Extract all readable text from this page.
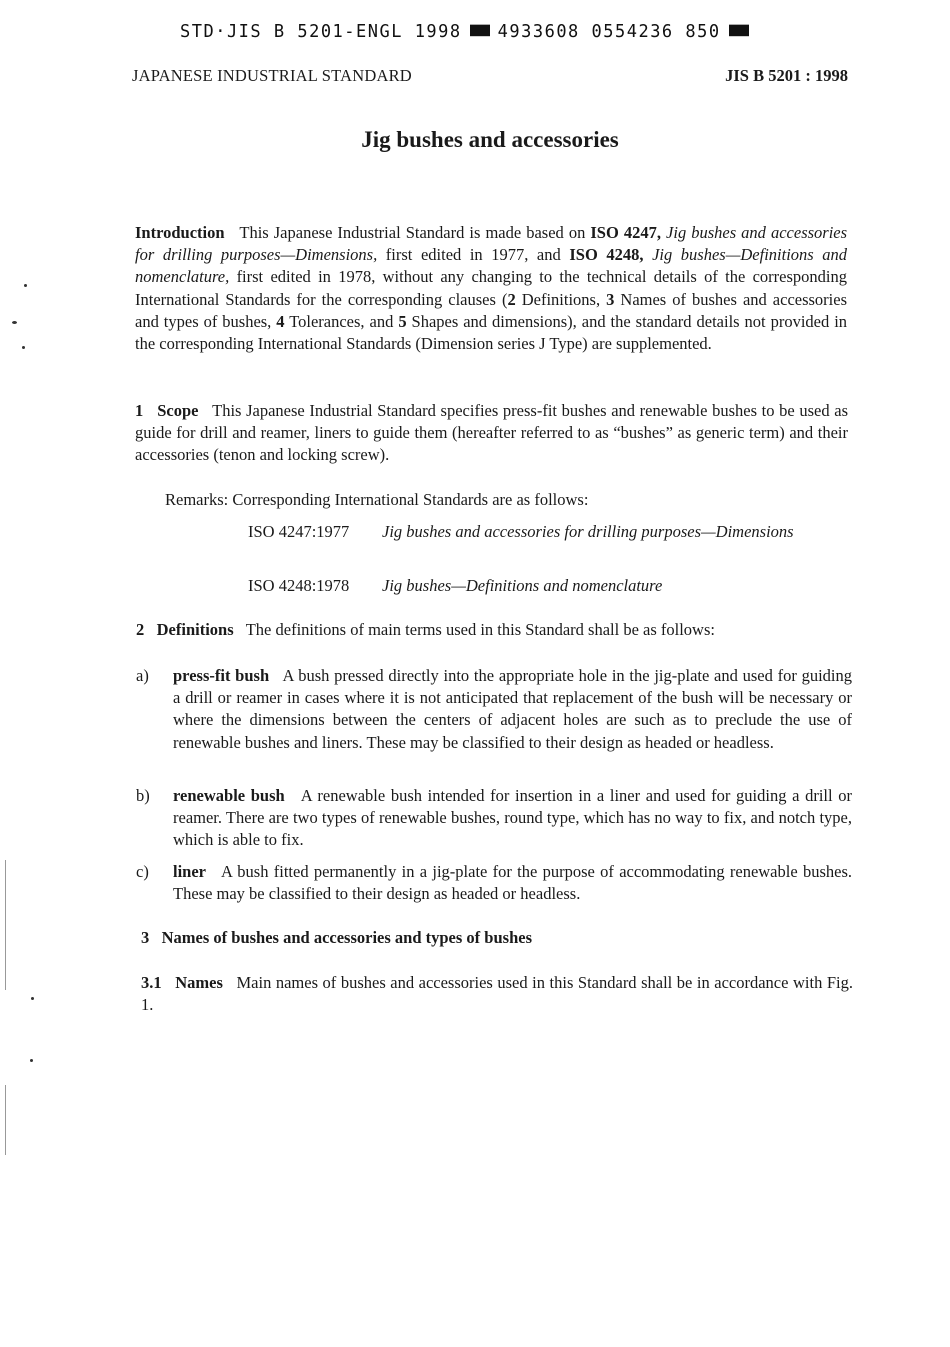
STD·JIS B 5201-ENGL 1998 4933608 0554236 850
JAPANESE INDUSTRIAL STANDARD	JIS B 5201 : 1998
Jig bushes and accessories
Introduction This Japanese Industrial Standard is made based on ISO 4247, Jig bushes and accessories for drilling purposes—Dimensions, first edited in 1977, and ISO 4248, Jig bushes—Definitions and nomenclature, first edited in 1978, without any changing to the technical details of the corresponding International Standards for the corresponding clauses (2 Definitions, 3 Names of bushes and accessories and types of bushes, 4 Tolerances, and 5 Shapes and dimensions), and the standard details not provided in the corresponding International Standards (Dimension series J Type) are supplemented.
1 Scope This Japanese Industrial Standard specifies press-fit bushes and renewable bushes to be used as guide for drill and reamer, liners to guide them (hereafter referred to as “bushes” as generic term) and their accessories (tenon and locking screw).
Remarks: Corresponding International Standards are as follows:
ISO 4247:1977 Jig bushes and accessories for drilling purposes—Dimensions
ISO 4248:1978 Jig bushes—Definitions and nomenclature
2 Definitions The definitions of main terms used in this Standard shall be as follows:
a) press-fit bush A bush pressed directly into the appropriate hole in the jig-plate and used for guiding a drill or reamer in cases where it is not anticipated that replacement of the bush will be necessary or where the dimensions between the centers of adjacent holes are such as to preclude the use of renewable bushes and liners. These may be classified to their design as headed or headless.
b) renewable bush A renewable bush intended for insertion in a liner and used for guiding a drill or reamer. There are two types of renewable bushes, round type, which has no way to fix, and notch type, which is able to fix.
c) liner A bush fitted permanently in a jig-plate for the purpose of accommodating renewable bushes. These may be classified to their design as headed or headless.
3 Names of bushes and accessories and types of bushes
3.1 Names Main names of bushes and accessories used in this Standard shall be in accordance with Fig. 1.
